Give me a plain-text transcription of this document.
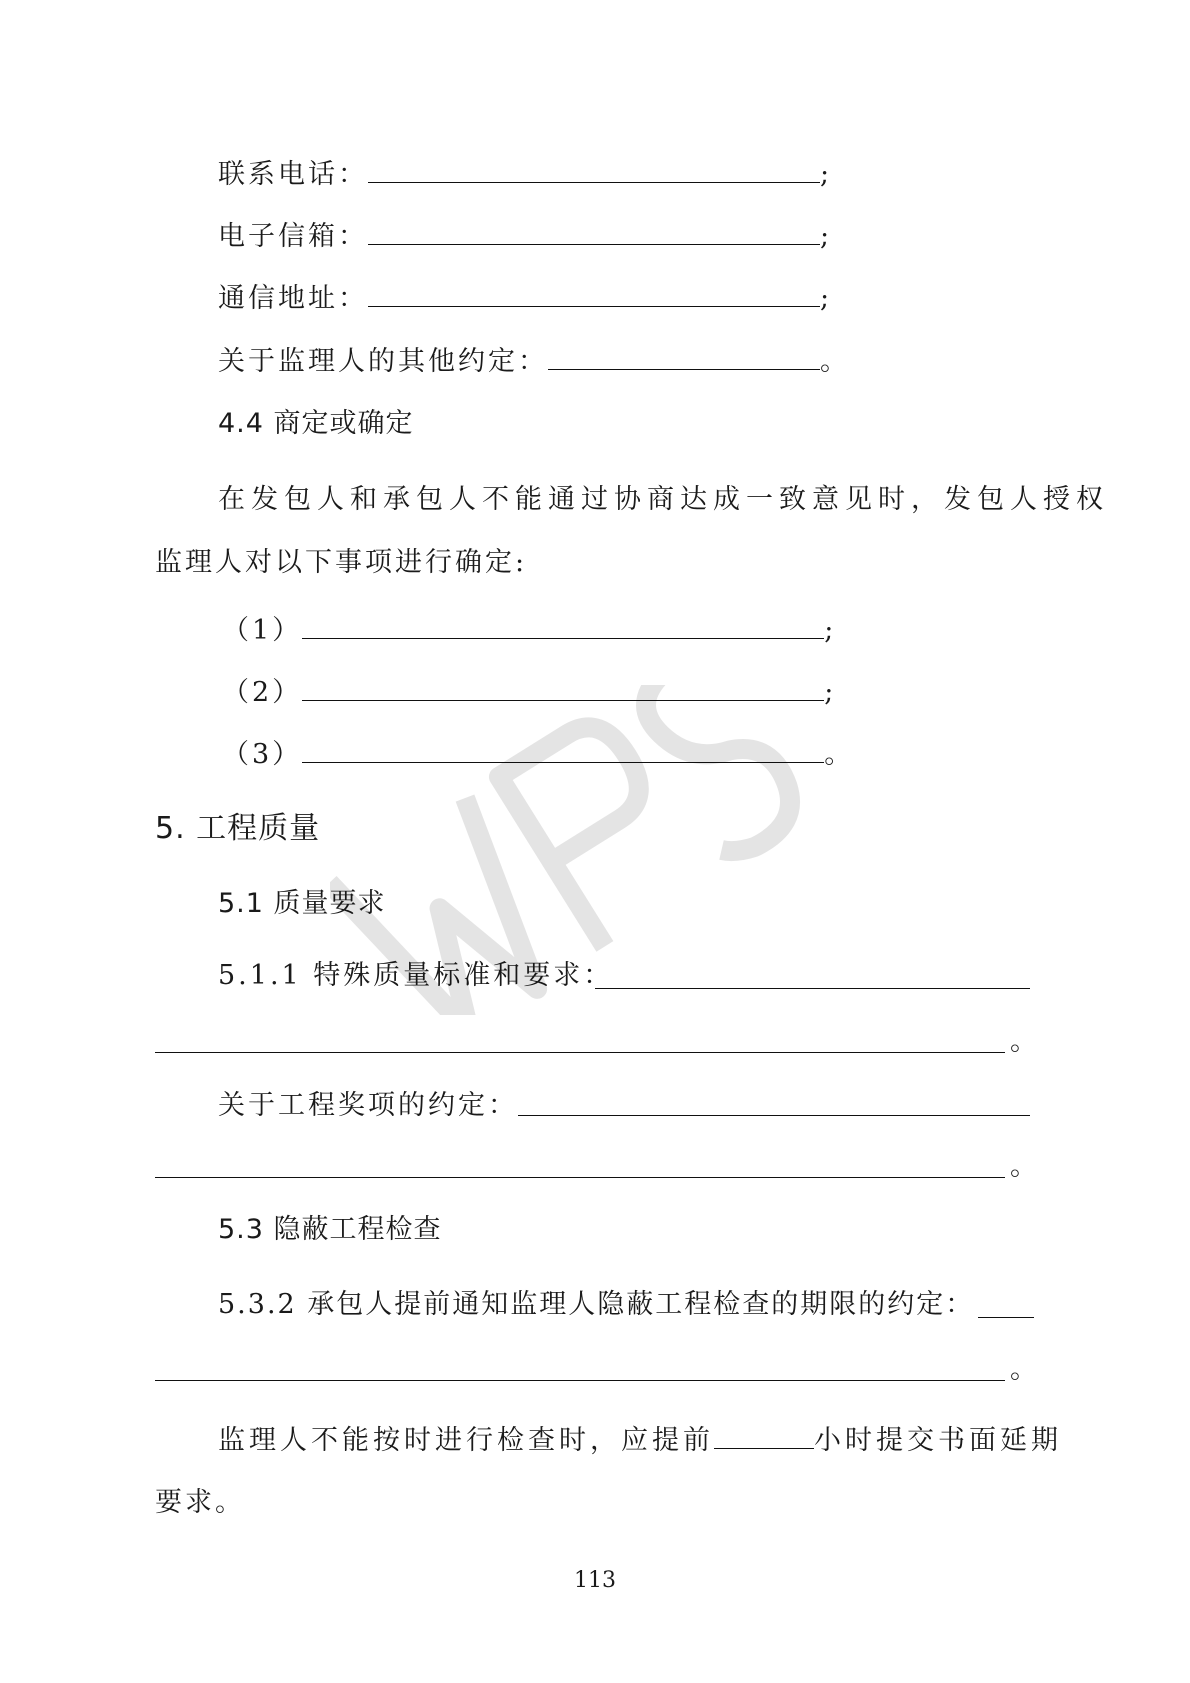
联系电话：	;
电子信箱：	;
通信地址：	;
关于监理人的其他约定：	。
4.4 商定或确定
在发包人和承包人不能通过协商达成一致意见时，发包人授权
监理人对以下事项进行确定:
（1）	;
（2）	;
（3）	。
5. 工程质量
5.1 质量要求
5.1.1 特殊质量标准和要求：
。
关于工程奖项的约定：
。
5.3 隐蔽工程检查
5.3.2 承包人提前通知监理人隐蔽工程检查的期限的约定：
。
监理人不能按时进行检查时，应提前	小时提交书面延期
要求。
113
